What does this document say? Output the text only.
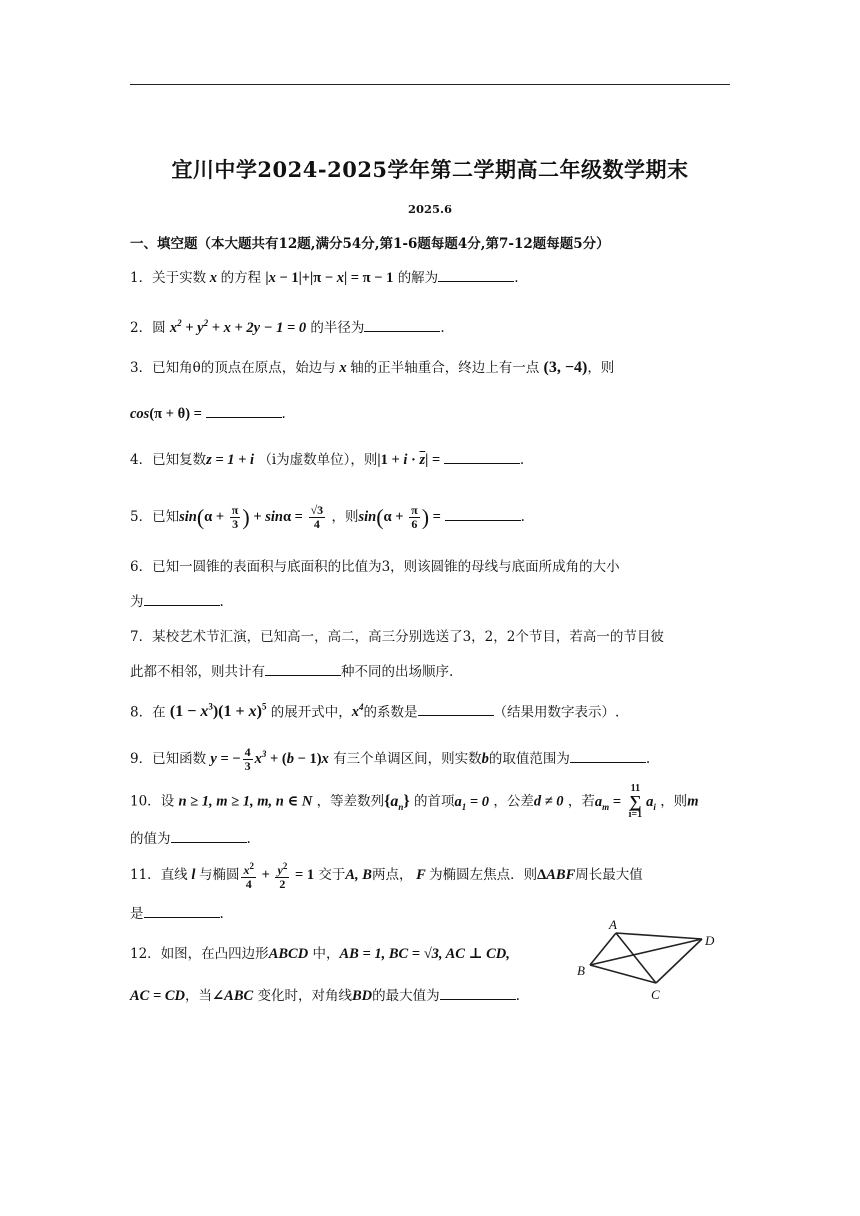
宜川中学2024-2025学年第二学期高二年级数学期末
2025.6
一、填空题（本大题共有12题,满分54分,第1-6题每题4分,第7-12题每题5分）
1．关于实数 x 的方程 |x − 1|+|π − x| = π − 1 的解为	.
2．圆 $x^2 + y^2 + x + 2y - 1 = 0$ 的半径为	.
3．已知角θ的顶点在原点，始边与 x 轴的正半轴重合，终边上有一点 (3, −4)，则
cos(π + θ) =	.
4．已知复数z = 1 + i （i为虚数单位），则$|1 + i \cdot \overline{z}|$ =	.
5．已知$\sin(\alpha + \frac{\pi}{3}$ ) + $\sin\alpha = \frac{√3}{4}$ ，则$\sin(\alpha + \frac{\pi}{6}$ ) =	.
6．已知一圆锥的表面积与底面积的比值为3，则该圆锥的母线与底面所成角的大小
为	.
7．某校艺术节汇演，已知高一，高二，高三分别选送了3，2，2个节目，若高一的节目彼
此都不相邻，则共计有	种不同的出场顺序.
8．在 $(1 - x^3)(1 + x)^5$ 的展开式中，$x^4$的系数是	（结果用数字表示）.
9．已知函数 y = − $\frac{4}{3} x^3 + (b - 1)x$ 有三个单调区间，则实数b的取值范围为	.
10．设 n ≥ 1, m ≥ 1, m, n ∈ N ，等差数列$\{a_n\}$ 的首项$a_1 = 0$ ，公差d ≠ 0 ，若$a_m$ =
11
∑
i=1
$a_i$ ，则m
的值为	.
11．直线 l 与椭圆 $\frac{x^2}{4} + \frac{y^2}{2} = 1$ 交于A, B两点， F 为椭圆左焦点．则ΔABF周长最大值
是	.
12．如图，在凸四边形ABCD 中，AB = 1, BC = √3, AC ⊥ CD,
AC = CD，当∠ABC 变化时，对角线BD的最大值为	.
A
B
C
D
